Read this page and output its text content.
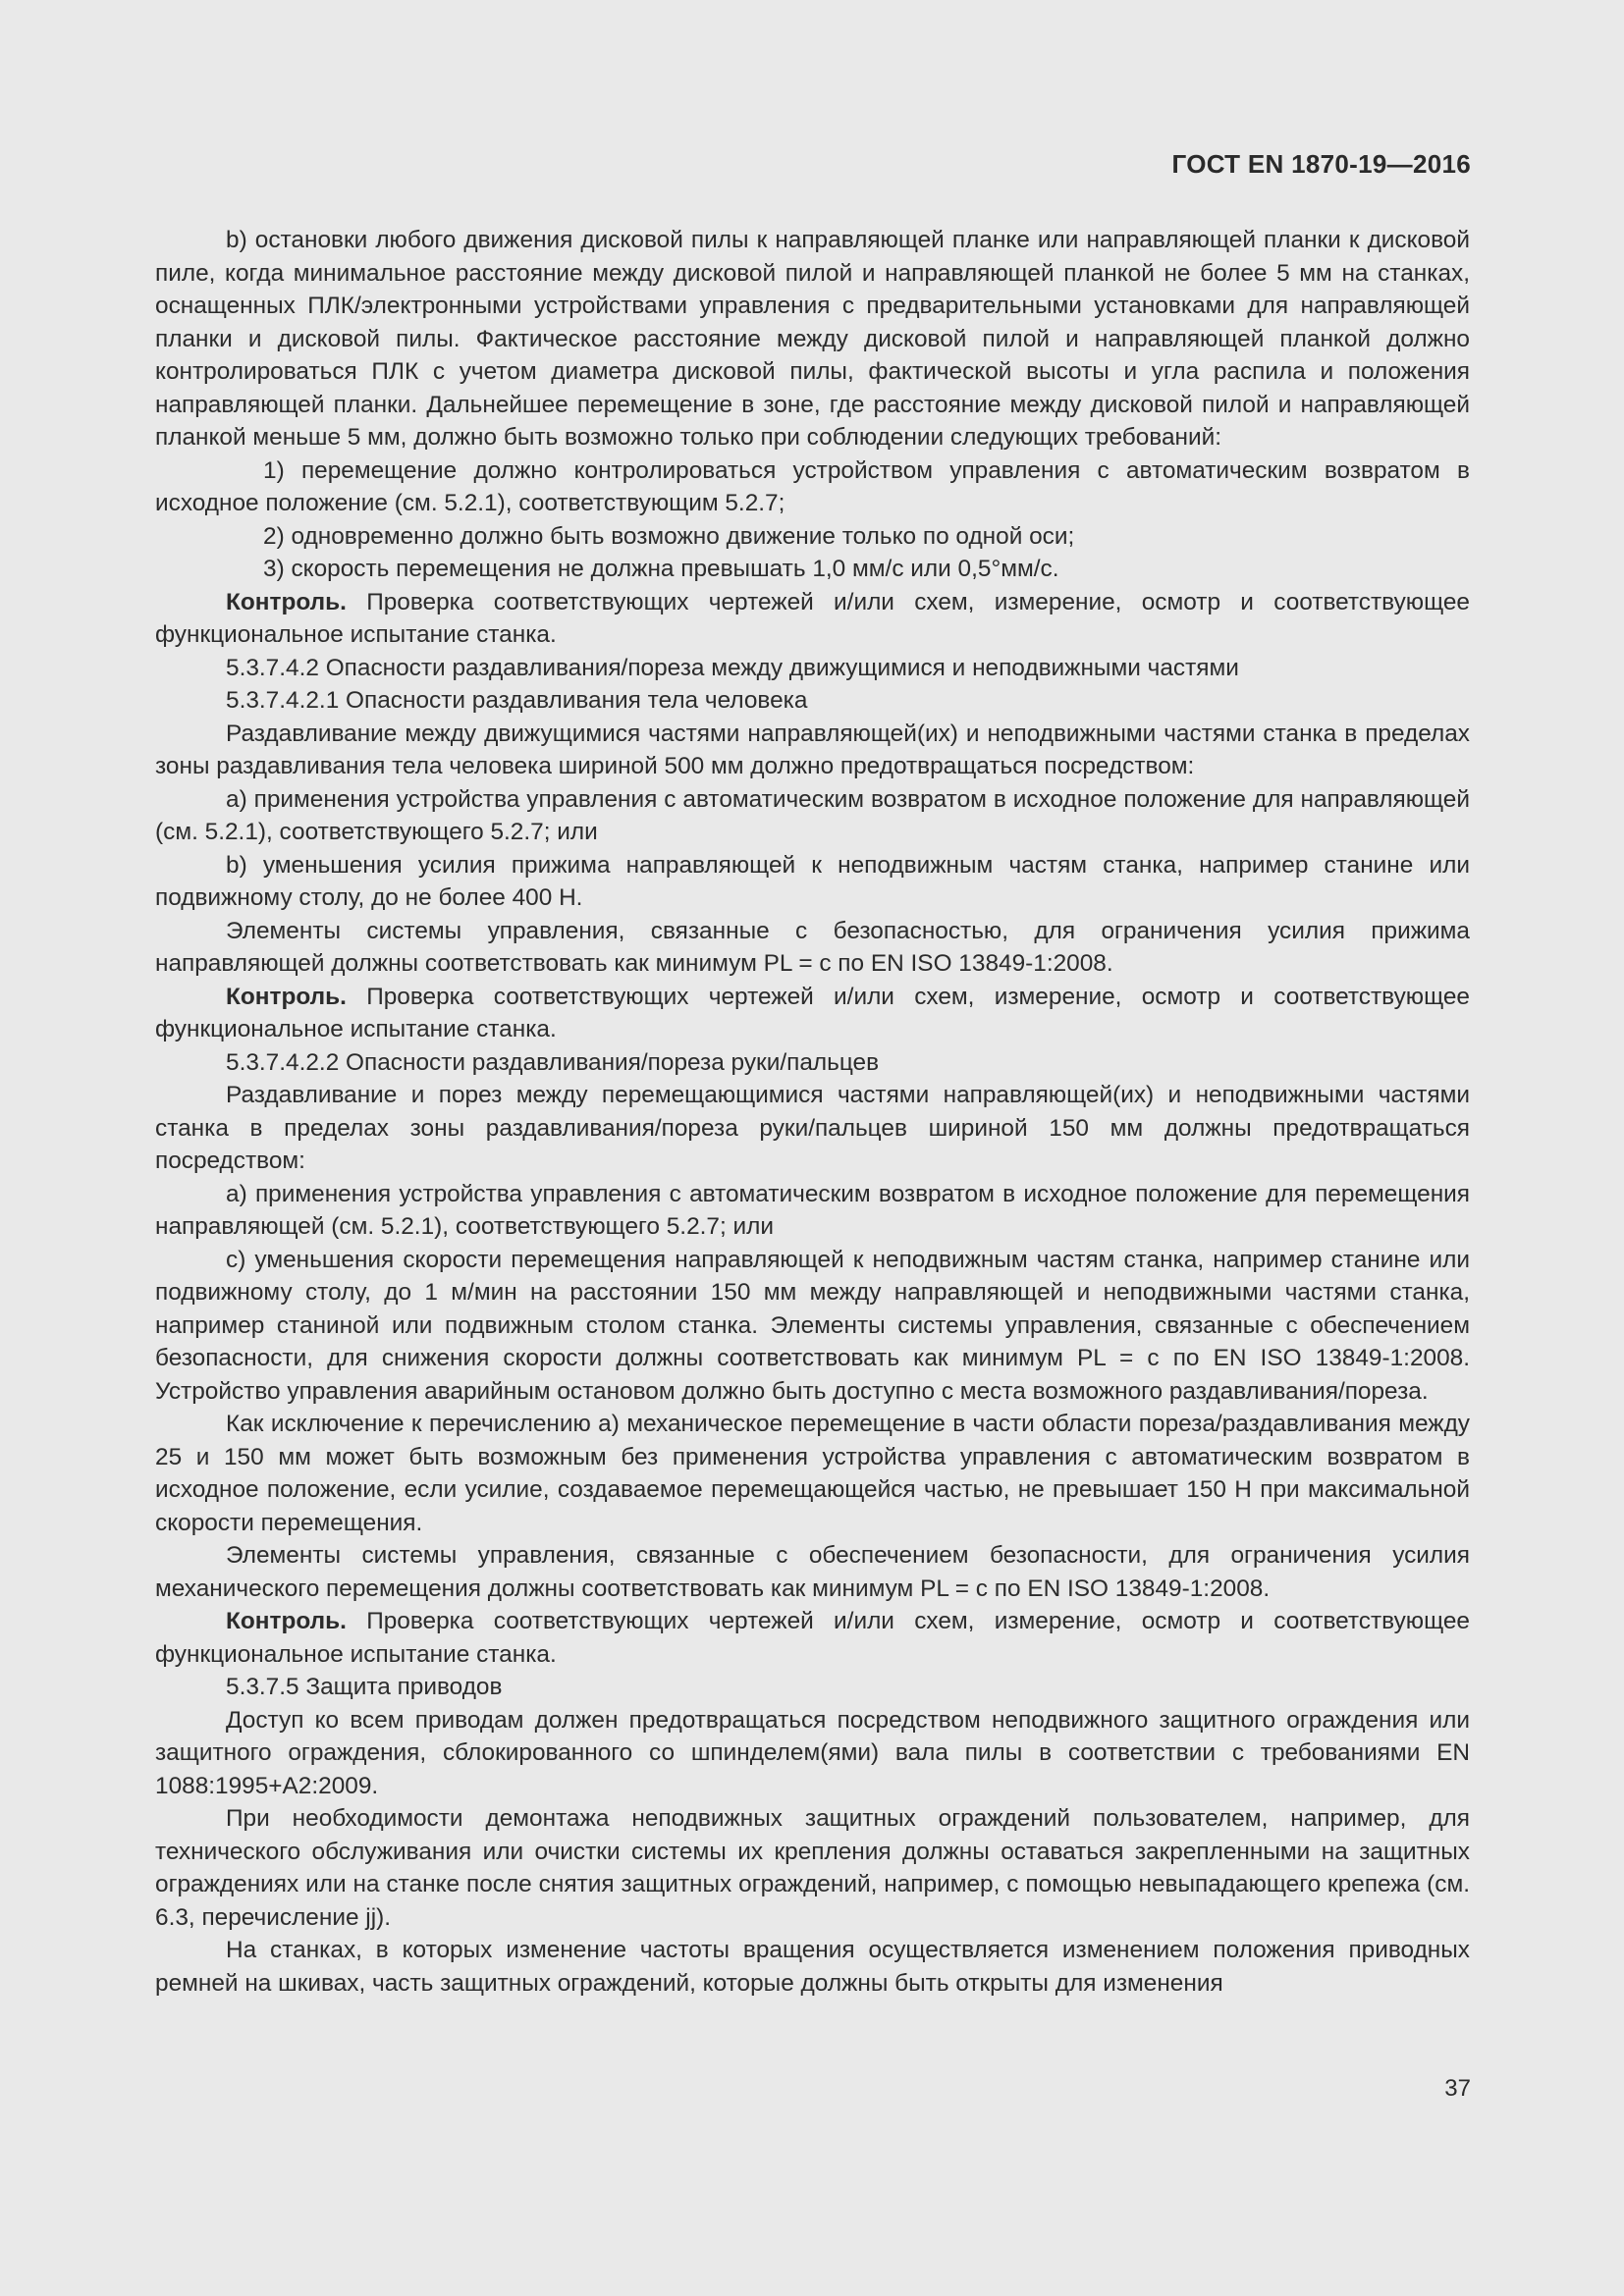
ГОСТ EN 1870-19—2016

b) остановки любого движения дисковой пилы к направляющей планке или направляющей планки к дисковой пиле, когда минимальное расстояние между дисковой пилой и направляющей планкой не более 5 мм на станках, оснащенных ПЛК/электронными устройствами управления с предварительными установками для направляющей планки и дисковой пилы. Фактическое расстояние между дисковой пилой и направляющей планкой должно контролироваться ПЛК с учетом диаметра дисковой пилы, фактической высоты и угла распила и положения направляющей планки. Дальнейшее перемещение в зоне, где расстояние между дисковой пилой и направляющей планкой меньше 5 мм, должно быть возможно только при соблюдении следующих требований:

1) перемещение должно контролироваться устройством управления с автоматическим возвратом в исходное положение (см. 5.2.1), соответствующим 5.2.7;

2) одновременно должно быть возможно движение только по одной оси;

3) скорость перемещения не должна превышать 1,0 мм/с или 0,5°мм/с.

Контроль. Проверка соответствующих чертежей и/или схем, измерение, осмотр и соответствующее функциональное испытание станка.

5.3.7.4.2 Опасности раздавливания/пореза между движущимися и неподвижными частями

5.3.7.4.2.1 Опасности раздавливания тела человека

Раздавливание между движущимися частями направляющей(их) и неподвижными частями станка в пределах зоны раздавливания тела человека шириной 500 мм должно предотвращаться посредством:

a) применения устройства управления с автоматическим возвратом в исходное положение для направляющей (см. 5.2.1), соответствующего 5.2.7; или

b) уменьшения усилия прижима направляющей к неподвижным частям станка, например станине или подвижному столу, до не более 400 Н.

Элементы системы управления, связанные с безопасностью, для ограничения усилия прижима направляющей должны соответствовать как минимум PL = c по EN ISO 13849-1:2008.

Контроль. Проверка соответствующих чертежей и/или схем, измерение, осмотр и соответствующее функциональное испытание станка.

5.3.7.4.2.2 Опасности раздавливания/пореза руки/пальцев

Раздавливание и порез между перемещающимися частями направляющей(их) и неподвижными частями станка в пределах зоны раздавливания/пореза руки/пальцев шириной 150 мм должны предотвращаться посредством:

a) применения устройства управления с автоматическим возвратом в исходное положение для перемещения направляющей (см. 5.2.1), соответствующего 5.2.7; или

c) уменьшения скорости перемещения направляющей к неподвижным частям станка, например станине или подвижному столу, до 1 м/мин на расстоянии 150 мм между направляющей и неподвижными частями станка, например станиной или подвижным столом станка. Элементы системы управления, связанные с обеспечением безопасности, для снижения скорости должны соответствовать как минимум PL = c по EN ISO 13849-1:2008. Устройство управления аварийным остановом должно быть доступно с места возможного раздавливания/пореза.

Как исключение к перечислению a) механическое перемещение в части области пореза/раздавливания между 25 и 150 мм может быть возможным без применения устройства управления с автоматическим возвратом в исходное положение, если усилие, создаваемое перемещающейся частью, не превышает 150 Н при максимальной скорости перемещения.

Элементы системы управления, связанные с обеспечением безопасности, для ограничения усилия механического перемещения должны соответствовать как минимум PL = c по EN ISO 13849-1:2008.

Контроль. Проверка соответствующих чертежей и/или схем, измерение, осмотр и соответствующее функциональное испытание станка.

5.3.7.5 Защита приводов

Доступ ко всем приводам должен предотвращаться посредством неподвижного защитного ограждения или защитного ограждения, сблокированного со шпинделем(ями) вала пилы в соответствии с требованиями EN 1088:1995+A2:2009.

При необходимости демонтажа неподвижных защитных ограждений пользователем, например, для технического обслуживания или очистки системы их крепления должны оставаться закрепленными на защитных ограждениях или на станке после снятия защитных ограждений, например, с помощью невыпадающего крепежа (см. 6.3, перечисление jj).

На станках, в которых изменение частоты вращения осуществляется изменением положения приводных ремней на шкивах, часть защитных ограждений, которые должны быть открыты для изменения

37
